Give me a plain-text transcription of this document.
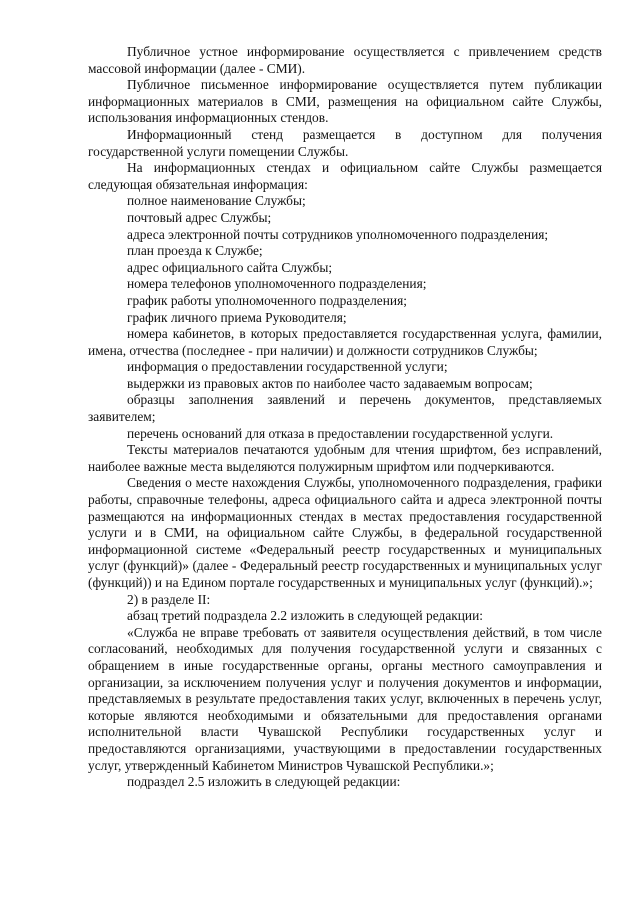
Публичное устное информирование осуществляется с привлечением средств массовой информации (далее - СМИ).

Публичное письменное информирование осуществляется путем публикации информационных материалов в СМИ, размещения на официальном сайте Службы, использования информационных стендов.

Информационный стенд размещается в доступном для получения государственной услуги помещении Службы.

На информационных стендах и официальном сайте Службы размещается следующая обязательная информация:

полное наименование Службы;

почтовый адрес Службы;

адреса электронной почты сотрудников уполномоченного подразделения;

план проезда к Службе;

адрес официального сайта Службы;

номера телефонов уполномоченного подразделения;

график работы уполномоченного подразделения;

график личного приема Руководителя;

номера кабинетов, в которых предоставляется государственная услуга, фамилии, имена, отчества (последнее - при наличии) и должности сотрудников Службы;

информация о предоставлении государственной услуги;

выдержки из правовых актов по наиболее часто задаваемым вопросам;

образцы заполнения заявлений и перечень документов, представляемых заявителем;

перечень оснований для отказа в предоставлении государственной услуги.

Тексты материалов печатаются удобным для чтения шрифтом, без исправлений, наиболее важные места выделяются полужирным шрифтом или подчеркиваются.

Сведения о месте нахождения Службы, уполномоченного подразделения, графики работы, справочные телефоны, адреса официального сайта и адреса электронной почты размещаются на информационных стендах в местах предоставления государственной услуги и в СМИ, на официальном сайте Службы, в федеральной государственной информационной системе «Федеральный реестр государственных и муниципальных услуг (функций)» (далее - Федеральный реестр государственных и муниципальных услуг (функций)) и на Едином портале государственных и муниципальных услуг (функций).»;

2) в разделе II:

абзац третий подраздела 2.2 изложить в следующей редакции:

«Служба не вправе требовать от заявителя осуществления действий, в том числе согласований, необходимых для получения государственной услуги и связанных с обращением в иные государственные органы, органы местного самоуправления и организации, за исключением получения услуг и получения документов и информации, представляемых в результате предоставления таких услуг, включенных в перечень услуг, которые являются необходимыми и обязательными для предоставления органами исполнительной власти Чувашской Республики государственных услуг и предоставляются организациями, участвующими в предоставлении государственных услуг, утвержденный Кабинетом Министров Чувашской Республики.»;

подраздел 2.5 изложить в следующей редакции:
